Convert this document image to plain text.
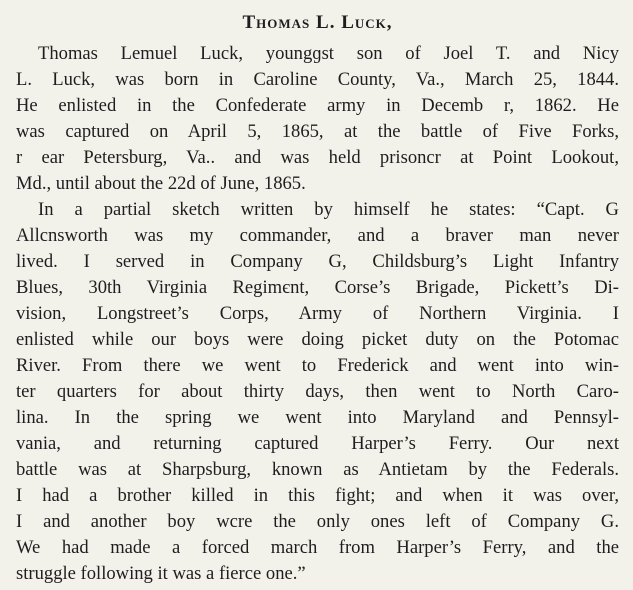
Thomas L. Luck,

Thomas Lemuel Luck, youngɡst son of Joel T. and Nicy
L. Luck, was born in Caroline County, Va., March 25, 1844.
He enlisted in the Confederate army in Decemb r, 1862. He
was captured on April 5, 1865, at the battle of Five Forks,
r ear Petersburg, Va.. and was held prisonсr at Point Lookout,
Md., until about the 22d of June, 1865.

In a partial sketch written by himself he states: “Capt. G
Allcnsworth was my commander, and a braver man never
lived. I served in Company G, Childsburg’s Light Infantry
Blues, 30th Virginia Regimєnt, Corse’s Brigade, Pickett’s Di-
vision, Longstreet’s Corps, Army of Northern Virginia. I
enlisted while our boys were doing picket duty on the Potomac
River. From there we went to Frederick and went into win-
ter quarters for about thirty days, then went to North Caro-
lina. In the spring we went into Maryland and Pennsyl-
vania, and returning captured Harper’s Ferry. Our next
battle was at Sharpsburg, known as Antietam by the Federals.
I had a brother killed in this fight; and when it was over,
I and another boy wсre the only ones left of Company G.
We had made a forced march from Harper’s Ferry, and the
struggle following it was a fierce one.”
